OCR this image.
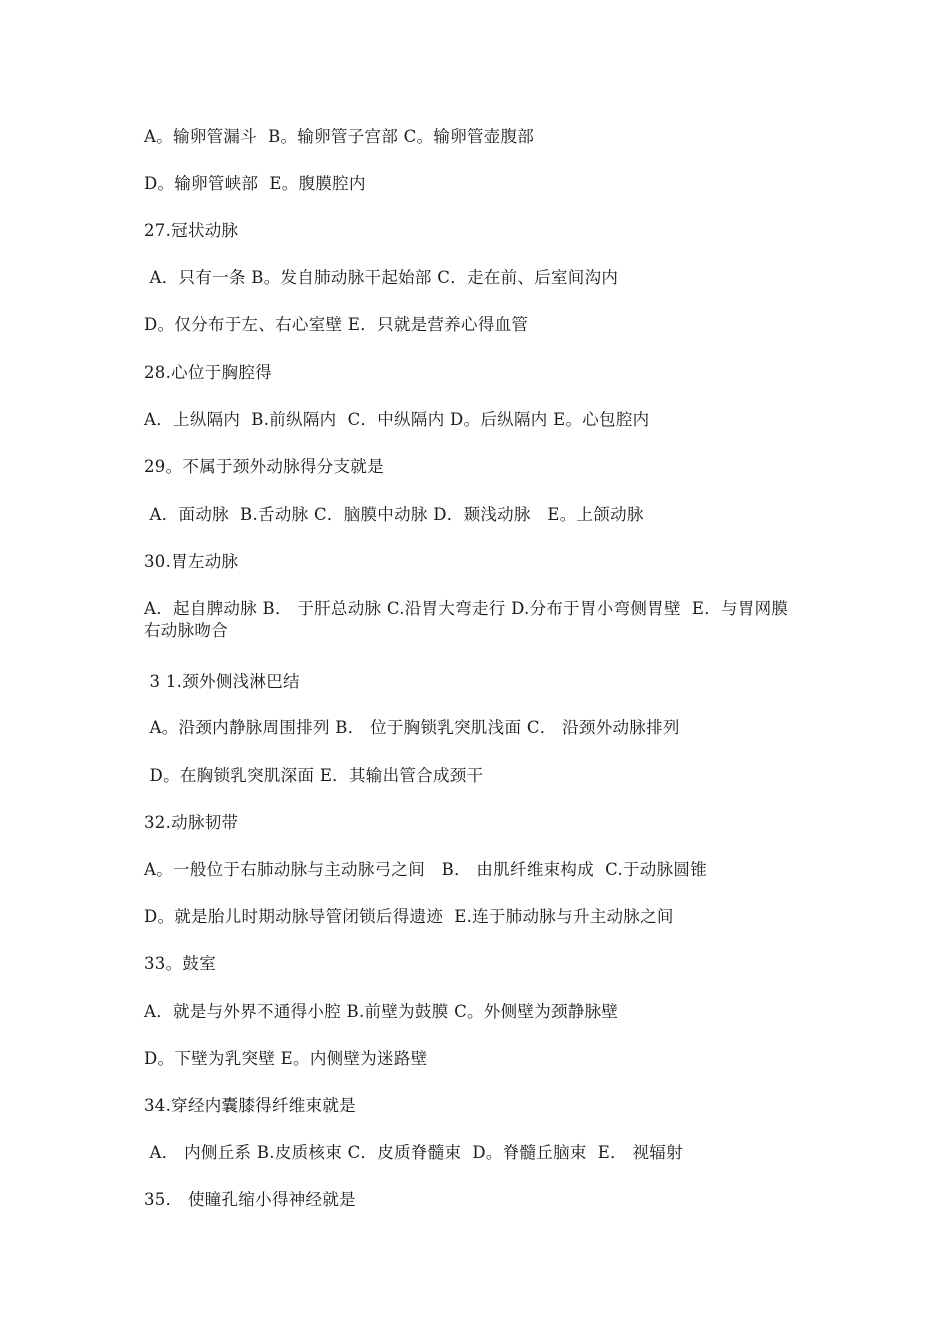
A。输卵管漏斗  B。输卵管子宫部 C。输卵管壶腹部
D。输卵管峡部  E。腹膜腔内
27.冠状动脉
A．只有一条 B。发自肺动脉干起始部 C．走在前、后室间沟内
D。仅分布于左、右心室壁 E．只就是营养心得血管
28.心位于胸腔得
A．上纵隔内  B.前纵隔内  C．中纵隔内 D。后纵隔内 E。心包腔内
29。不属于颈外动脉得分支就是
A．面动脉  B.舌动脉 C．脑膜中动脉 D．颞浅动脉   E。上颌动脉
30.胃左动脉
A．起自脾动脉 B． 于肝总动脉 C.沿胃大弯走行 D.分布于胃小弯侧胃壁  E．与胃网膜右动脉吻合
3 1.颈外侧浅淋巴结
A。沿颈内静脉周围排列 B． 位于胸锁乳突肌浅面 C． 沿颈外动脉排列
D。在胸锁乳突肌深面 E．其输出管合成颈干
32.动脉韧带
A。一般位于右肺动脉与主动脉弓之间   B． 由肌纤维束构成  C.于动脉圆锥
D。就是胎儿时期动脉导管闭锁后得遗迹  E.连于肺动脉与升主动脉之间
33。鼓室
A．就是与外界不通得小腔 B.前壁为鼓膜 C。外侧壁为颈静脉壁
D。下壁为乳突壁 E。内侧壁为迷路壁
34.穿经内囊膝得纤维束就是
A． 内侧丘系 B.皮质核束 C．皮质脊髓束  D。脊髓丘脑束  E． 视辐射
35． 使瞳孔缩小得神经就是
